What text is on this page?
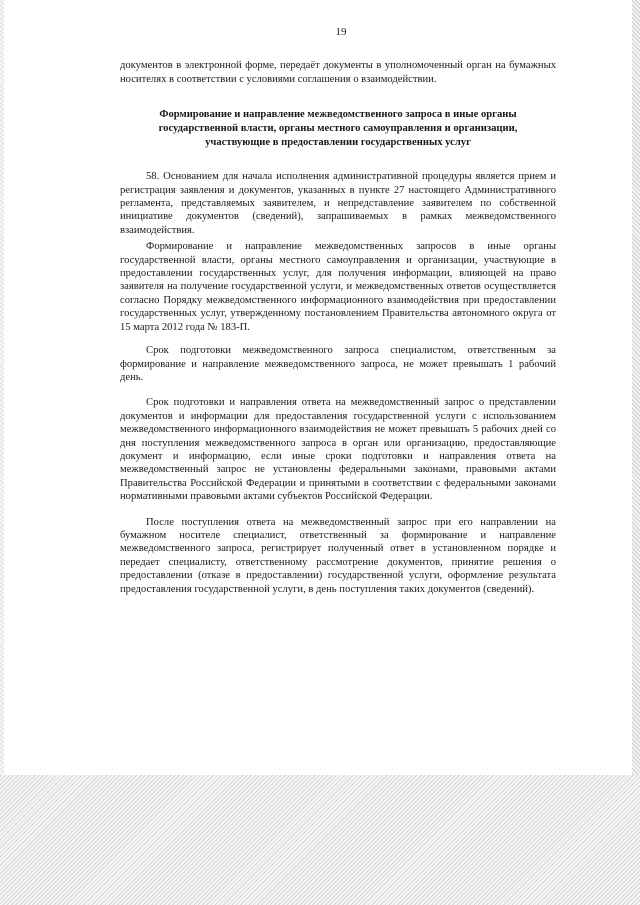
19

документов в электронной форме, передаёт документы в уполномоченный орган на бумажных носителях в соответствии с условиями соглашения о взаимодействии.

Формирование и направление межведомственного запроса в иные органы государственной власти, органы местного самоуправления и организации, участвующие в предоставлении государственных услуг

58. Основанием для начала исполнения административной процедуры является прием и регистрация заявления и документов, указанных в пункте 27 настоящего Административного регламента, представляемых заявителем, и непредставление заявителем по собственной инициативе документов (сведений), запрашиваемых в рамках межведомственного взаимодействия.

Формирование и направление межведомственных запросов в иные органы государственной власти, органы местного самоуправления и организации, участвующие в предоставлении государственных услуг, для получения информации, влияющей на право заявителя на получение государственной услуги, и межведомственных ответов осуществляется согласно Порядку межведомственного информационного взаимодействия при предоставлении государственных услуг, утвержденному постановлением Правительства автономного округа от 15 марта 2012 года № 183-П.

Срок подготовки межведомственного запроса специалистом, ответственным за формирование и направление межведомственного запроса, не может превышать 1 рабочий день.

Срок подготовки и направления ответа на межведомственный запрос о представлении документов и информации для предоставления государственной услуги с использованием межведомственного информационного взаимодействия не может превышать 5 рабочих дней со дня поступления межведомственного запроса в орган или организацию, предоставляющие документ и информацию, если иные сроки подготовки и направления ответа на межведомственный запрос не установлены федеральными законами, правовыми актами Правительства Российской Федерации и принятыми в соответствии с федеральными законами нормативными правовыми актами субъектов Российской Федерации.

После поступления ответа на межведомственный запрос при его направлении на бумажном носителе специалист, ответственный за формирование и направление межведомственного запроса, регистрирует полученный ответ в установленном порядке и передает специалисту, ответственному рассмотрение документов, принятие решения о предоставлении (отказе в предоставлении) государственной услуги, оформление результата предоставления государственной услуги, в день поступления таких документов (сведений).
